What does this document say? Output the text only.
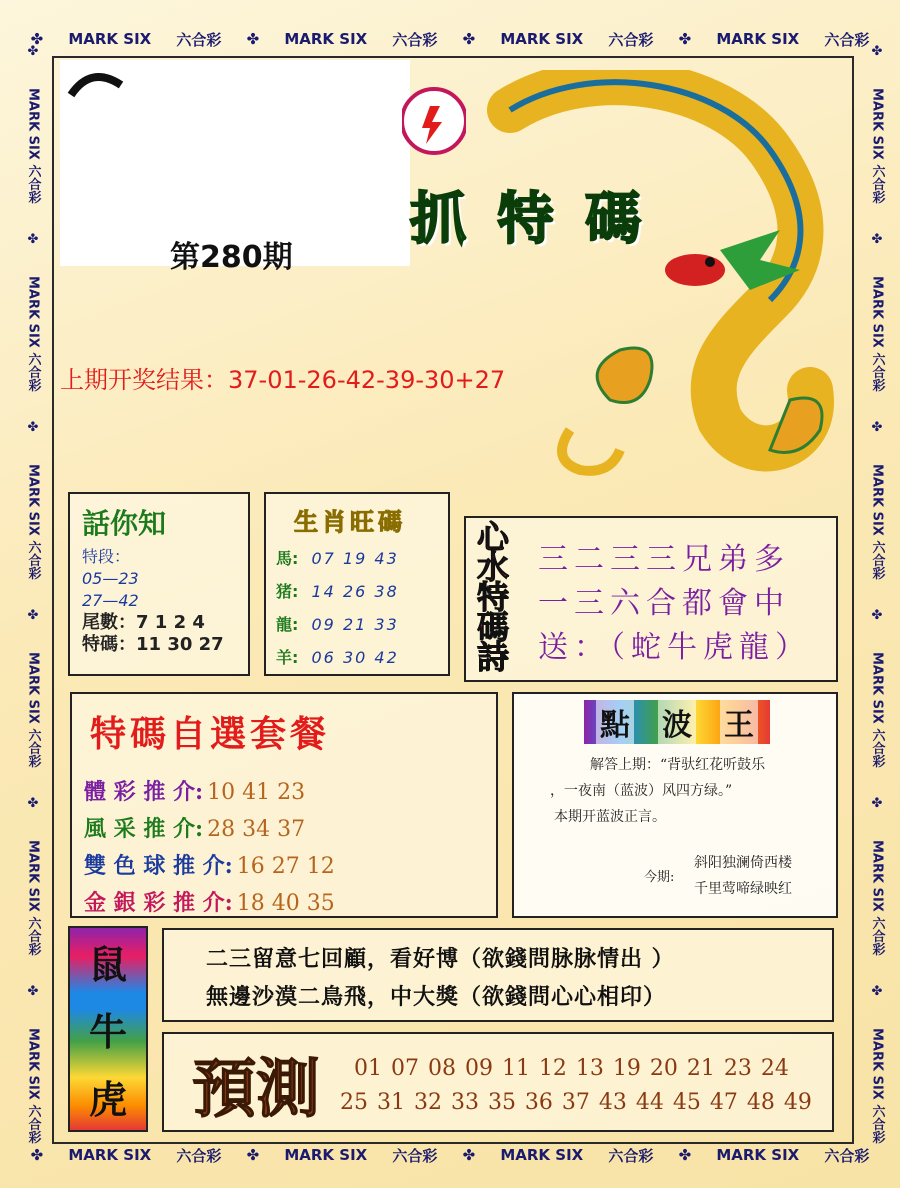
✤ MARK SIX 六合彩 ✤ MARK SIX 六合彩 ✤ MARK SIX 六合彩 ✤ MARK SIX 六合彩
✤ MARK SIX 六合彩 ✤ MARK SIX 六合彩 ✤ MARK SIX 六合彩 ✤ MARK SIX 六合彩
✤
MARK SIX 六合彩
✤
MARK SIX 六合彩
✤
MARK SIX 六合彩
✤
MARK SIX 六合彩
✤
MARK SIX 六合彩
✤
MARK SIX 六合彩
✤
MARK SIX 六合彩
✤
MARK SIX 六合彩
✤
MARK SIX 六合彩
✤
MARK SIX 六合彩
✤
MARK SIX 六合彩
✤
MARK SIX 六合彩
抓 特 碼
第280期
上期开奖结果：37-01-26-42-39-30+27
話你知
特段：
05—23
27—42
尾數：7 1 2 4
特碼：11 30 27
生肖旺碼
馬: 07 19 43
猪: 14 26 38
龍: 09 21 33
羊: 06 30 42 心水特碼詩 三二三三兄弟多
一三六合都會中
送：（蛇牛虎龍）
特碼自選套餐
體 彩 推 介: 10 41 23
風 采 推 介: 28 34 37
雙 色 球 推 介: 16 27 12
金 銀 彩 推 介: 18 40 35
點 波 王
解答上期：“背驮红花听鼓乐
，一夜南（蓝波）风四方绿。”
本期开蓝波正言。
今期:
斜阳独澜倚西楼
千里莺啼绿映红
鼠
牛
虎
二三留意七回顧，看好博（欲錢問脉脉情出 ）
無邊沙漠二鳥飛，中大獎（欲錢問心心相印）
預測	01 07 08 09 11 12 13 19 20 21 23 24
25 31 32 33 35 36 37 43 44 45 47 48 49
